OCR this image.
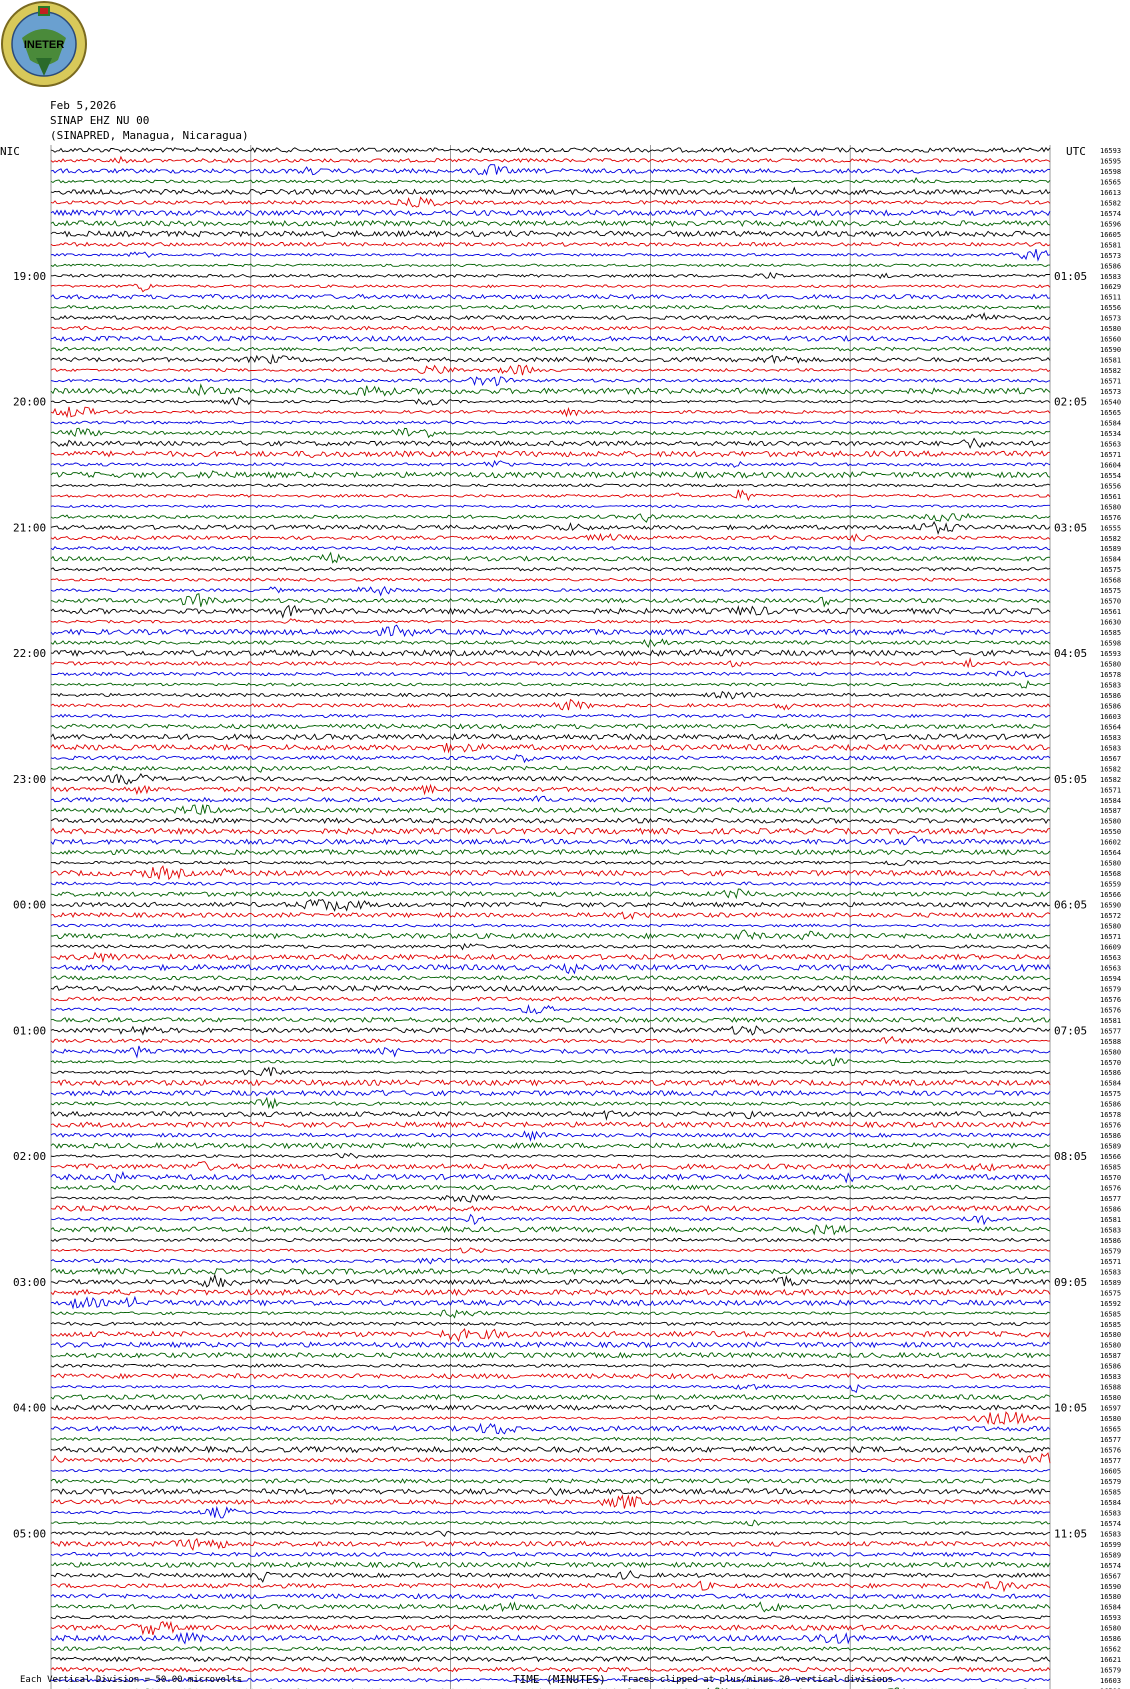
16593
16595
16598
16565
16613
16582
16574
16596
16605
16581
16573
16586
16583
16629
16511
16556
16573
16580
16560
16590
16581
16582
16571
16573
16540
16565
16584
16534
16563
16571
16604
16554
16556
16561
16580
16576
16555
16582
16589
16584
16575
16568
16575
16570
16561
16630
16585
16598
16593
16580
16578
16583
16586
16586
16603
16564
16583
16583
16567
16582
16582
16571
16584
16587
16580
16550
16602
16564
16580
16568
16559
16566
16590
16572
16580
16571
16609
16563
16563
16594
16579
16576
16576
16581
16577
16588
16580
16570
16586
16584
16575
16586
16578
16576
16586
16589
16566
16585
16570
16576
16577
16586
16581
16583
16586
16579
16571
16583
16589
16575
16592
16585
16585
16580
16580
16587
16586
16583
16588
16580
16597
16580
16565
16577
16576
16577
16605
16579
16585
16584
16583
16574
16583
16599
16589
16574
16567
16590
16580
16584
16593
16580
16586
16562
16621
16579
16603
19:00	01:05
20:00	02:05
21:00	03:05
22:00	04:05
23:00	05:05
00:00	06:05
01:00	07:05
02:00	08:05
03:00	09:05
04:00	10:05
05:00	11:05
INETER
Feb 5,2026
SINAP EHZ NU 00
(SINAPRED, Managua, Nicaragua)
NIC	UTC
Each Vertical Division = 50.00 microvolts	TIME (MINUTES) Traces clipped at plus/minus 20 vertical divisions
